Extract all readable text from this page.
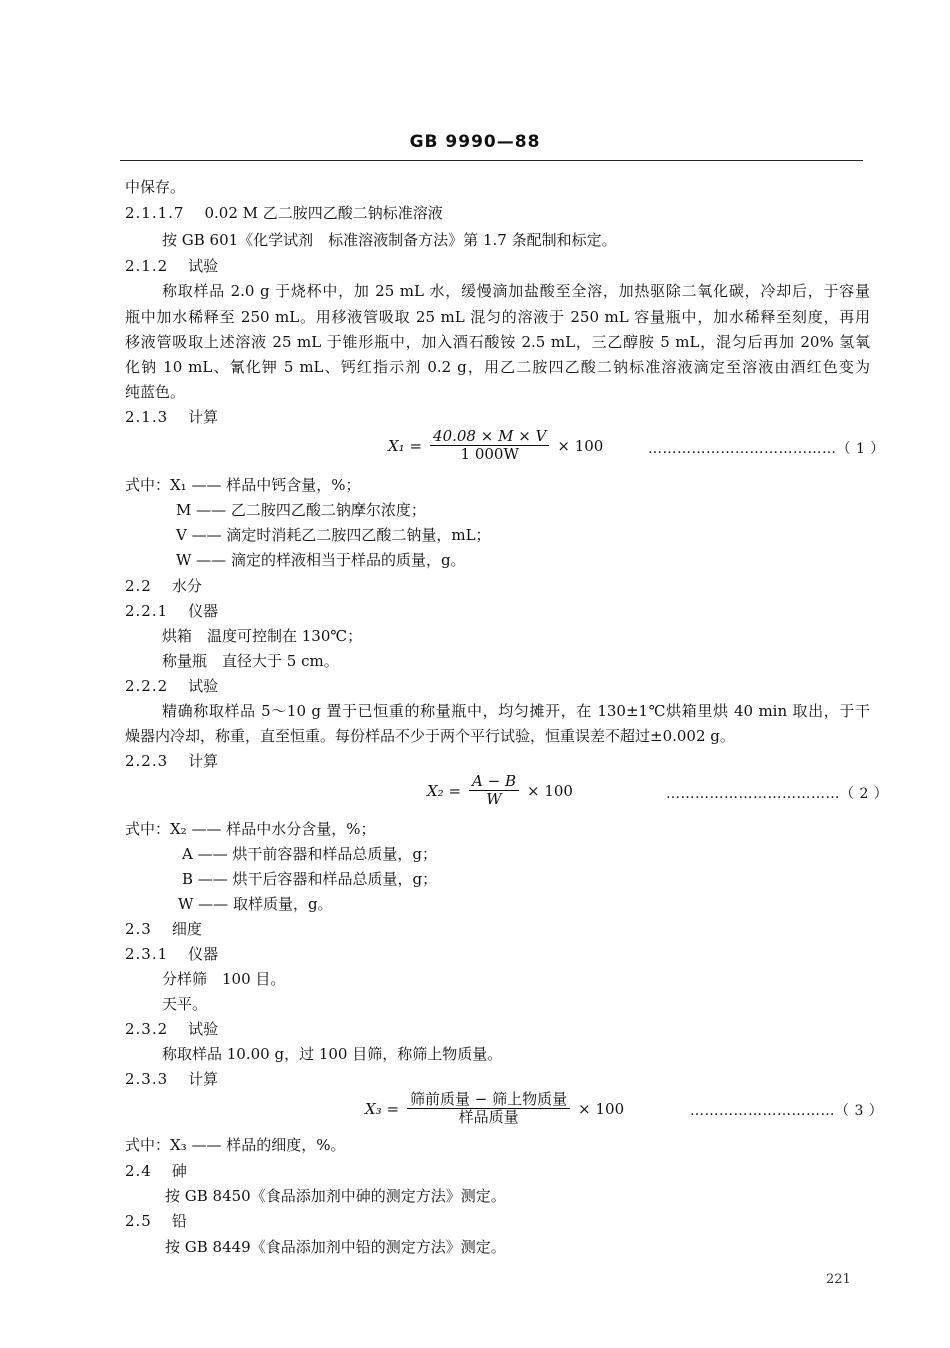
GB 9990—88
中保存。
2.1.1.7 0.02 M 乙二胺四乙酸二钠标准溶液
按 GB 601《化学试剂　标准溶液制备方法》第 1.7 条配制和标定。
2.1.2 试验
称取样品 2.0 g 于烧杯中，加 25 mL 水，缓慢滴加盐酸至全溶，加热驱除二氧化碳，冷却后，于容量
瓶中加水稀释至 250 mL。用移液管吸取 25 mL 混匀的溶液于 250 mL 容量瓶中，加水稀释至刻度，再用
移液管吸取上述溶液 25 mL 于锥形瓶中，加入酒石酸铵 2.5 mL，三乙醇胺 5 mL，混匀后再加 20% 氢氧
化钠 10 mL、氰化钾 5 mL、钙红指示剂 0.2 g，用乙二胺四乙酸二钠标准溶液滴定至溶液由酒红色变为
纯蓝色。
2.1.3 计算
$X_1 = \frac{40.08 \times M \times V}{1 000W} \times 100$	…………………………………（ 1 ）
式中：X₁ —— 样品中钙含量，%；
M —— 乙二胺四乙酸二钠摩尔浓度；
V —— 滴定时消耗乙二胺四乙酸二钠量，mL；
W —— 滴定的样液相当于样品的质量，g。
2.2 水分
2.2.1 仪器
烘箱　温度可控制在 130℃；
称量瓶　直径大于 5 cm。
2.2.2 试验
精确称取样品 5～10 g 置于已恒重的称量瓶中，均匀摊开，在 130±1℃烘箱里烘 40 min 取出，于干
燥器内冷却，称重，直至恒重。每份样品不少于两个平行试验，恒重误差不超过±0.002 g。
2.2.3 计算
$X_2 = \frac{A - B}{W} \times 100$	………………………………（ 2 ）
式中：X₂ —— 样品中水分含量，%；
A —— 烘干前容器和样品总质量，g；
B —— 烘干后容器和样品总质量，g；
W —— 取样质量，g。
2.3 细度
2.3.1 仪器
分样筛　100 目。
天平。
2.3.2 试验
称取样品 10.00 g，过 100 目筛，称筛上物质量。
2.3.3 计算
$X_3 = \frac{\text{筛前质量 − 筛上物质量}}{\text{样品质量}} \times 100$	…………………………（ 3 ）
式中：X₃ —— 样品的细度，%。
2.4 砷
按 GB 8450《食品添加剂中砷的测定方法》测定。
2.5 铅
按 GB 8449《食品添加剂中铅的测定方法》测定。
221
